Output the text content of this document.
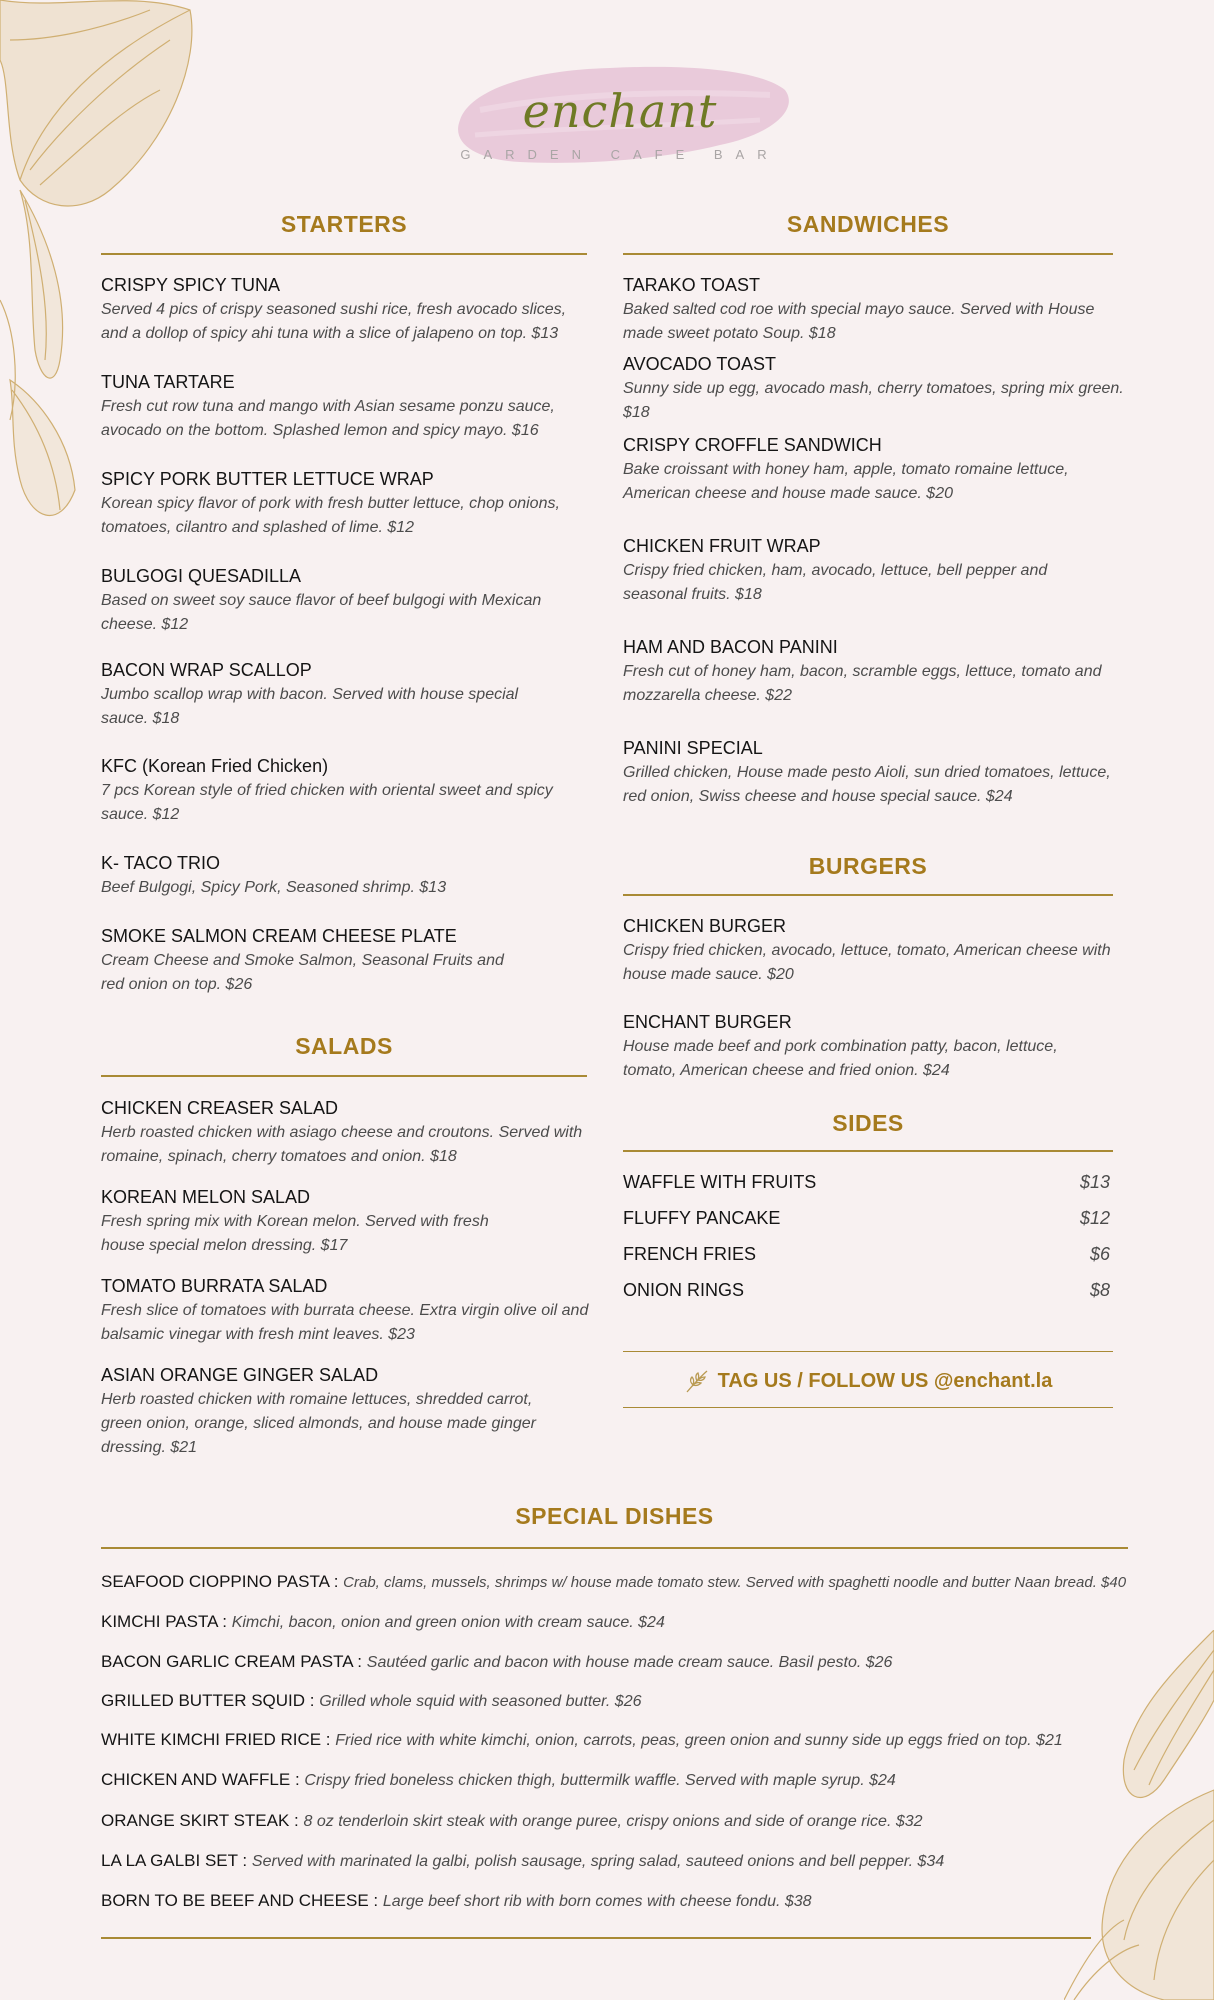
enchant
GARDEN CAFE BAR
STARTERS
CRISPY SPICY TUNA
Served 4 pics of crispy seasoned sushi rice, fresh avocado slices, and a dollop of spicy ahi tuna with a slice of jalapeno on top. $13
TUNA TARTARE
Fresh cut row tuna and mango with Asian sesame ponzu sauce, avocado on the bottom. Splashed lemon and spicy mayo. $16
SPICY PORK BUTTER LETTUCE WRAP
Korean spicy flavor of pork with fresh butter lettuce, chop onions, tomatoes, cilantro and splashed of lime. $12
BULGOGI QUESADILLA
Based on sweet soy sauce flavor of beef bulgogi with Mexican cheese. $12
BACON WRAP SCALLOP
Jumbo scallop wrap with bacon. Served with house special sauce. $18
KFC (Korean Fried Chicken)
7 pcs Korean style of fried chicken with oriental sweet and spicy sauce. $12
K- TACO TRIO
Beef Bulgogi, Spicy Pork, Seasoned shrimp. $13
SMOKE SALMON CREAM CHEESE PLATE
Cream Cheese and Smoke Salmon, Seasonal Fruits and red onion on top. $26
SALADS
CHICKEN CREASER SALAD
Herb roasted chicken with asiago cheese and croutons. Served with romaine, spinach, cherry tomatoes and onion. $18
KOREAN MELON SALAD
Fresh spring mix with Korean melon. Served with fresh house special melon dressing. $17
TOMATO BURRATA SALAD
Fresh slice of tomatoes with burrata cheese. Extra virgin olive oil and balsamic vinegar with fresh mint leaves. $23
ASIAN ORANGE GINGER SALAD
Herb roasted chicken with romaine lettuces, shredded carrot, green onion, orange, sliced almonds, and house made ginger dressing. $21
SANDWICHES
TARAKO TOAST
Baked salted cod roe with special mayo sauce. Served with House made sweet potato Soup. $18
AVOCADO TOAST
Sunny side up egg, avocado mash, cherry tomatoes, spring mix green. $18
CRISPY CROFFLE SANDWICH
Bake croissant with honey ham, apple, tomato romaine lettuce, American cheese and house made sauce. $20
CHICKEN FRUIT WRAP
Crispy fried chicken, ham, avocado, lettuce, bell pepper and seasonal fruits. $18
HAM AND BACON PANINI
Fresh cut of honey ham, bacon, scramble eggs, lettuce, tomato and mozzarella cheese. $22
PANINI SPECIAL
Grilled chicken, House made pesto Aioli, sun dried tomatoes, lettuce, red onion, Swiss cheese and house special sauce. $24
BURGERS
CHICKEN BURGER
Crispy fried chicken, avocado, lettuce, tomato, American cheese with house made sauce. $20
ENCHANT BURGER
House made beef and pork combination patty, bacon, lettuce, tomato, American cheese and fried onion. $24
SIDES
WAFFLE WITH FRUITS	$13
FLUFFY PANCAKE	$12
FRENCH FRIES	$6
ONION RINGS	$8
TAG US / FOLLOW US @enchant.la
SPECIAL DISHES
SEAFOOD CIOPPINO PASTA : Crab, clams, mussels, shrimps w/ house made tomato stew. Served with spaghetti noodle and butter Naan bread. $40
KIMCHI PASTA : Kimchi, bacon, onion and green onion with cream sauce. $24
BACON GARLIC CREAM PASTA : Sautéed garlic and bacon with house made cream sauce. Basil pesto. $26
GRILLED BUTTER SQUID : Grilled whole squid with seasoned butter. $26
WHITE KIMCHI FRIED RICE : Fried rice with white kimchi, onion, carrots, peas, green onion and sunny side up eggs fried on top. $21
CHICKEN AND WAFFLE : Crispy fried boneless chicken thigh, buttermilk waffle. Served with maple syrup. $24
ORANGE SKIRT STEAK : 8 oz tenderloin skirt steak with orange puree, crispy onions and side of orange rice. $32
LA LA GALBI SET : Served with marinated la galbi, polish sausage, spring salad, sauteed onions and bell pepper. $34
BORN TO BE BEEF AND CHEESE : Large beef short rib with born comes with cheese fondu. $38
